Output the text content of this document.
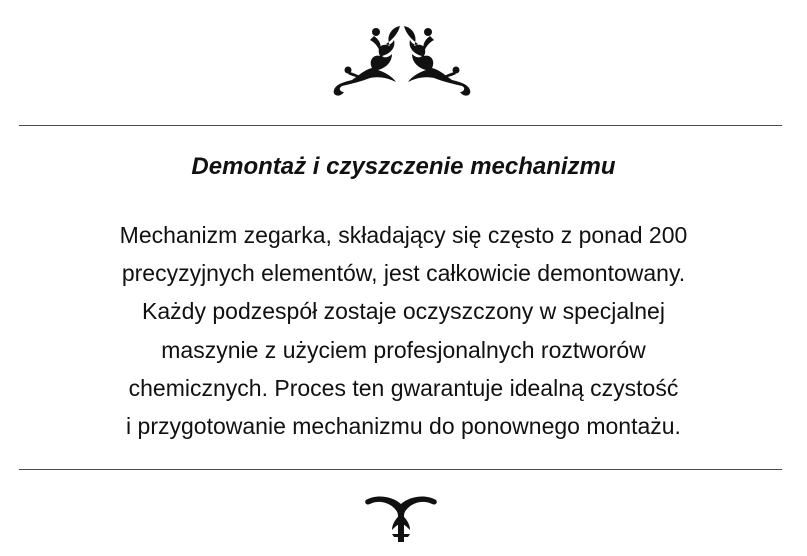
Demontaż i czyszczenie mechanizmu

Mechanizm zegarka, składający się często z ponad 200
precyzyjnych elementów, jest całkowicie demontowany.
Każdy podzespół zostaje oczyszczony w specjalnej
maszynie z użyciem profesjonalnych roztworów
chemicznych. Proces ten gwarantuje idealną czystość
i przygotowanie mechanizmu do ponownego montażu.
